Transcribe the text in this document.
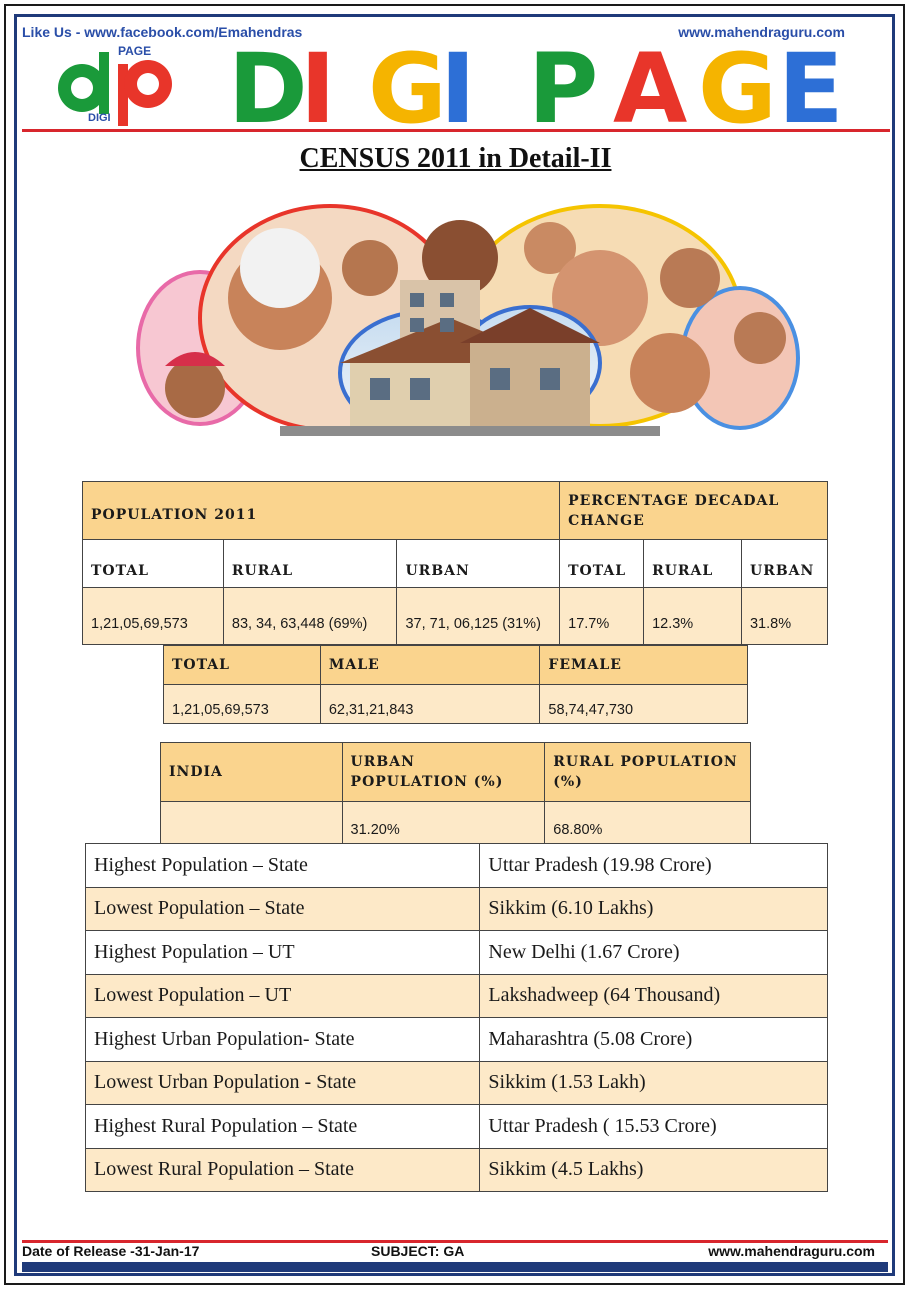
Like Us - www.facebook.com/Emahendras	www.mahendraguru.com
PAGE
DIGI D
I G
I P A G E
CENSUS 2011 in Detail-II
POPULATION 2011			PERCENTAGE DECADAL CHANGE		
TOTAL	RURAL	URBAN	TOTAL	RURAL	URBAN
1,21,05,69,573	83, 34, 63,448 (69%)	37, 71, 06,125 (31%)	17.7%	12.3%	31.8%
TOTAL	MALE	FEMALE
1,21,05,69,573	62,31,21,843	58,74,47,730
INDIA	URBAN POPULATION (%)	RURAL POPULATION (%)
	31.20%	68.80%
Highest Population – State	Uttar Pradesh (19.98 Crore)
Lowest Population – State	Sikkim (6.10 Lakhs)
Highest Population – UT	New Delhi (1.67 Crore)
Lowest Population – UT	Lakshadweep (64 Thousand)
Highest Urban Population- State	Maharashtra (5.08 Crore)
Lowest Urban Population - State	Sikkim (1.53 Lakh)
Highest Rural Population – State	Uttar Pradesh ( 15.53 Crore)
Lowest Rural Population – State	Sikkim (4.5 Lakhs)
Date of Release -31-Jan-17	SUBJECT: GA	www.mahendraguru.com
